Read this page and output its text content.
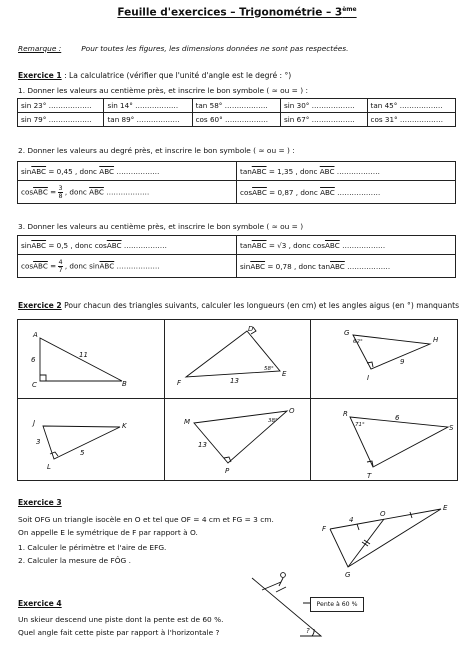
Feuille d'exercices – Trigonométrie – 3ème
Remarque :	Pour toutes les figures, les dimensions données ne sont pas respectées.
Exercice 1 : La calculatrice (vérifier que l'unité d'angle est le degré : °)
1. Donner les valeurs au centième près, et inscrire le bon symbole ( ≈ ou = ) :
sin 23° ………………	sin 14° ………………	tan 58° ………………	sin 30° ………………	tan 45° ………………
sin 79° ………………	tan 89° ………………	cos 60° ………………	sin 67° ………………	cos 31° ………………
2. Donner les valeurs au degré près, et inscrire le bon symbole ( ≈ ou = ) :
$\sin\overline{ABC} = 0,45$ , donc $\overline{ABC}$ ………………	$\tan\overline{ABC} = 1,35$ , donc $\overline{ABC}$ ………………
$\cos\overline{ABC} = \frac{3}{8}$ , donc $\overline{ABC}$ ………………	$\cos\overline{ABC} = 0,87$ , donc $\overline{ABC}$ ………………
3. Donner les valeurs au centième près, et inscrire le bon symbole ( ≈ ou = )
$\sin\overline{ABC} = 0,5$ , donc $\cos\overline{ABC}$ ………………	$\tan\overline{ABC} = √3$ , donc $\cos\overline{ABC}$ ………………
$\cos\overline{ABC} = \frac{4}{7}$ , donc $\sin\overline{ABC}$ ………………	$\sin\overline{ABC} = 0,78$ , donc $\tan\overline{ABC}$ ………………
Exercice 2 Pour chacun des triangles suivants, calculer les longueurs (en cm) et les angles aigus (en °) manquants
A
B
C
6
11
D
E
F	13
58°
G
H
I
9
62°
J	K
L
3
5
M
O
P
13
38°
R
S
T
6
71°
F
O
E
G
4
?
Exercice 3
Soit OFG un triangle isocèle en O et tel que OF = 4 cm et FG = 3 cm.
On appelle E le symétrique de F par rapport à O.
1. Calculer le périmètre et l'aire de EFG.
2. Calculer la mesure de FÔG .
Exercice 4
Un skieur descend une piste dont la pente est de 60 %.
Quel angle fait cette piste par rapport à l'horizontale ?
Pente à 60 %
